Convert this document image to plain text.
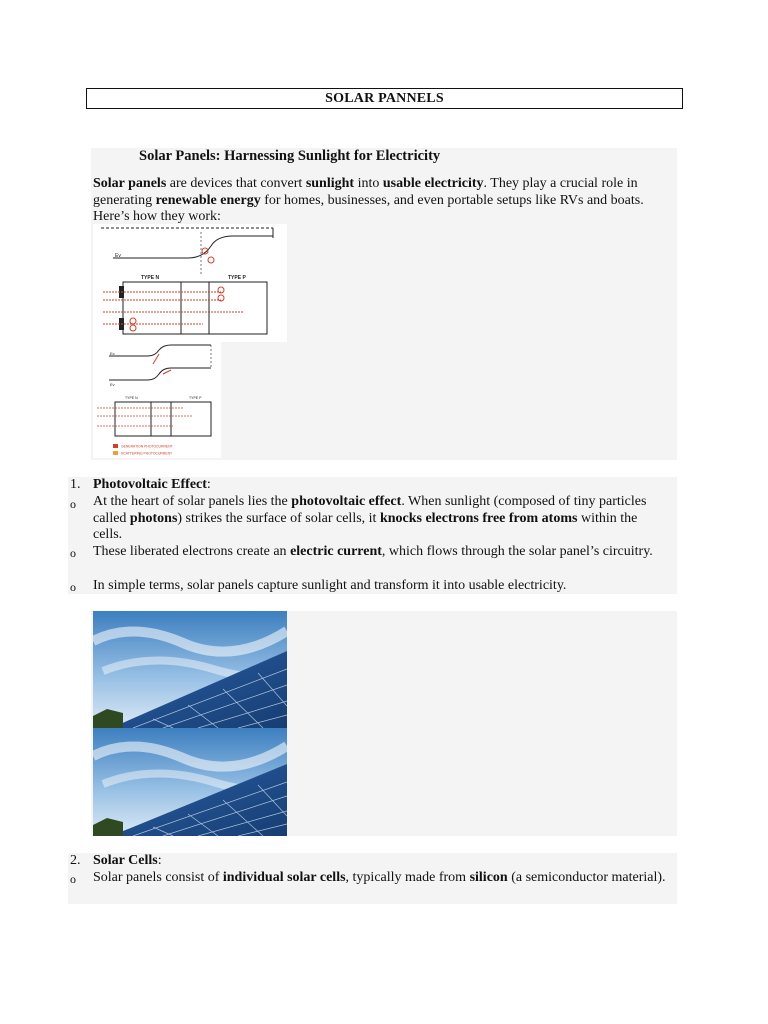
SOLAR PANNELS
Solar Panels: Harnessing Sunlight for Electricity
Solar panels are devices that convert sunlight into usable electricity. They play a crucial role in generating renewable energy for homes, businesses, and even portable setups like RVs and boats. Here’s how they work:
Ev
TYPE N	TYPE P
Ec
Ev
TYPE N	TYPE P
GENERATION PHOTOCURRENT
SCATTERING PHOTOCURRENT
1. Photovoltaic Effect:
o At the heart of solar panels lies the photovoltaic effect. When sunlight (composed of tiny particles called photons) strikes the surface of solar cells, it knocks electrons free from atoms within the cells.
o These liberated electrons create an electric current, which flows through the solar panel’s circuitry.
o In simple terms, solar panels capture sunlight and transform it into usable electricity.
2. Solar Cells:
o Solar panels consist of individual solar cells, typically made from silicon (a semiconductor material).
